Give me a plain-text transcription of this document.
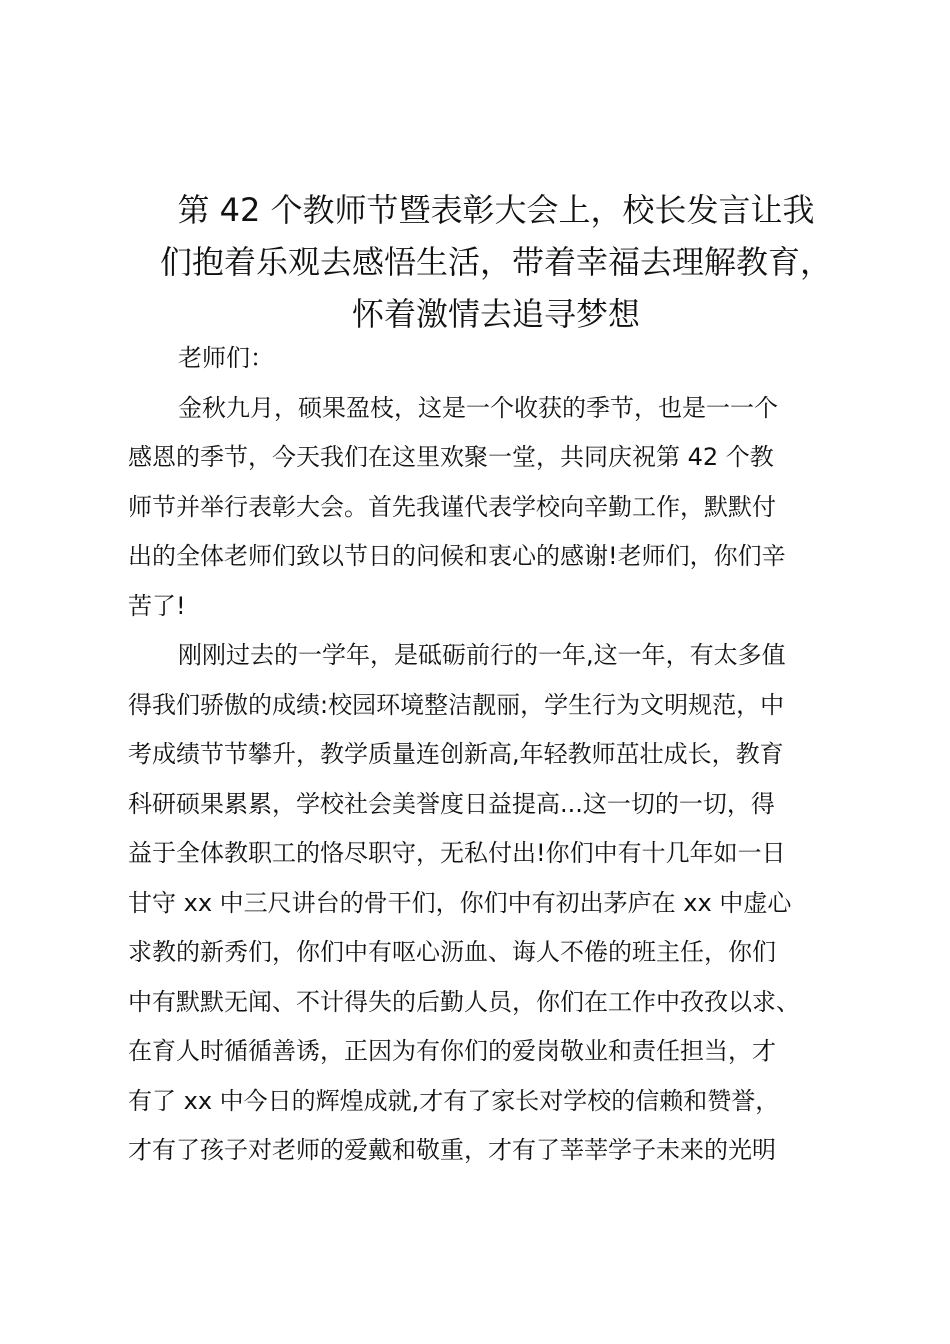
第 42 个教师节暨表彰大会上，校长发言让我
们抱着乐观去感悟生活，带着幸福去理解教育，
怀着激情去追寻梦想
老师们：
金秋九月，硕果盈枝，这是一个收获的季节，也是一一个
感恩的季节，今天我们在这里欢聚一堂，共同庆祝第 42 个教
师节并举行表彰大会。首先我谨代表学校向辛勤工作，默默付
出的全体老师们致以节日的问候和衷心的感谢!老师们，你们辛
苦了!
刚刚过去的一学年，是砥砺前行的一年,这一年，有太多值
得我们骄傲的成绩:校园环境整洁靓丽，学生行为文明规范，中
考成绩节节攀升，教学质量连创新高,年轻教师茁壮成长，教育
科研硕果累累，学校社会美誉度日益提高...这一切的一切，得
益于全体教职工的恪尽职守，无私付出!你们中有十几年如一日
甘守 xx 中三尺讲台的骨干们，你们中有初出茅庐在 xx 中虚心
求教的新秀们，你们中有呕心沥血、诲人不倦的班主任，你们
中有默默无闻、不计得失的后勤人员，你们在工作中孜孜以求、
在育人时循循善诱，正因为有你们的爱岗敬业和责任担当，才
有了 xx 中今日的辉煌成就,才有了家长对学校的信赖和赞誉，
才有了孩子对老师的爱戴和敬重，才有了莘莘学子未来的光明
